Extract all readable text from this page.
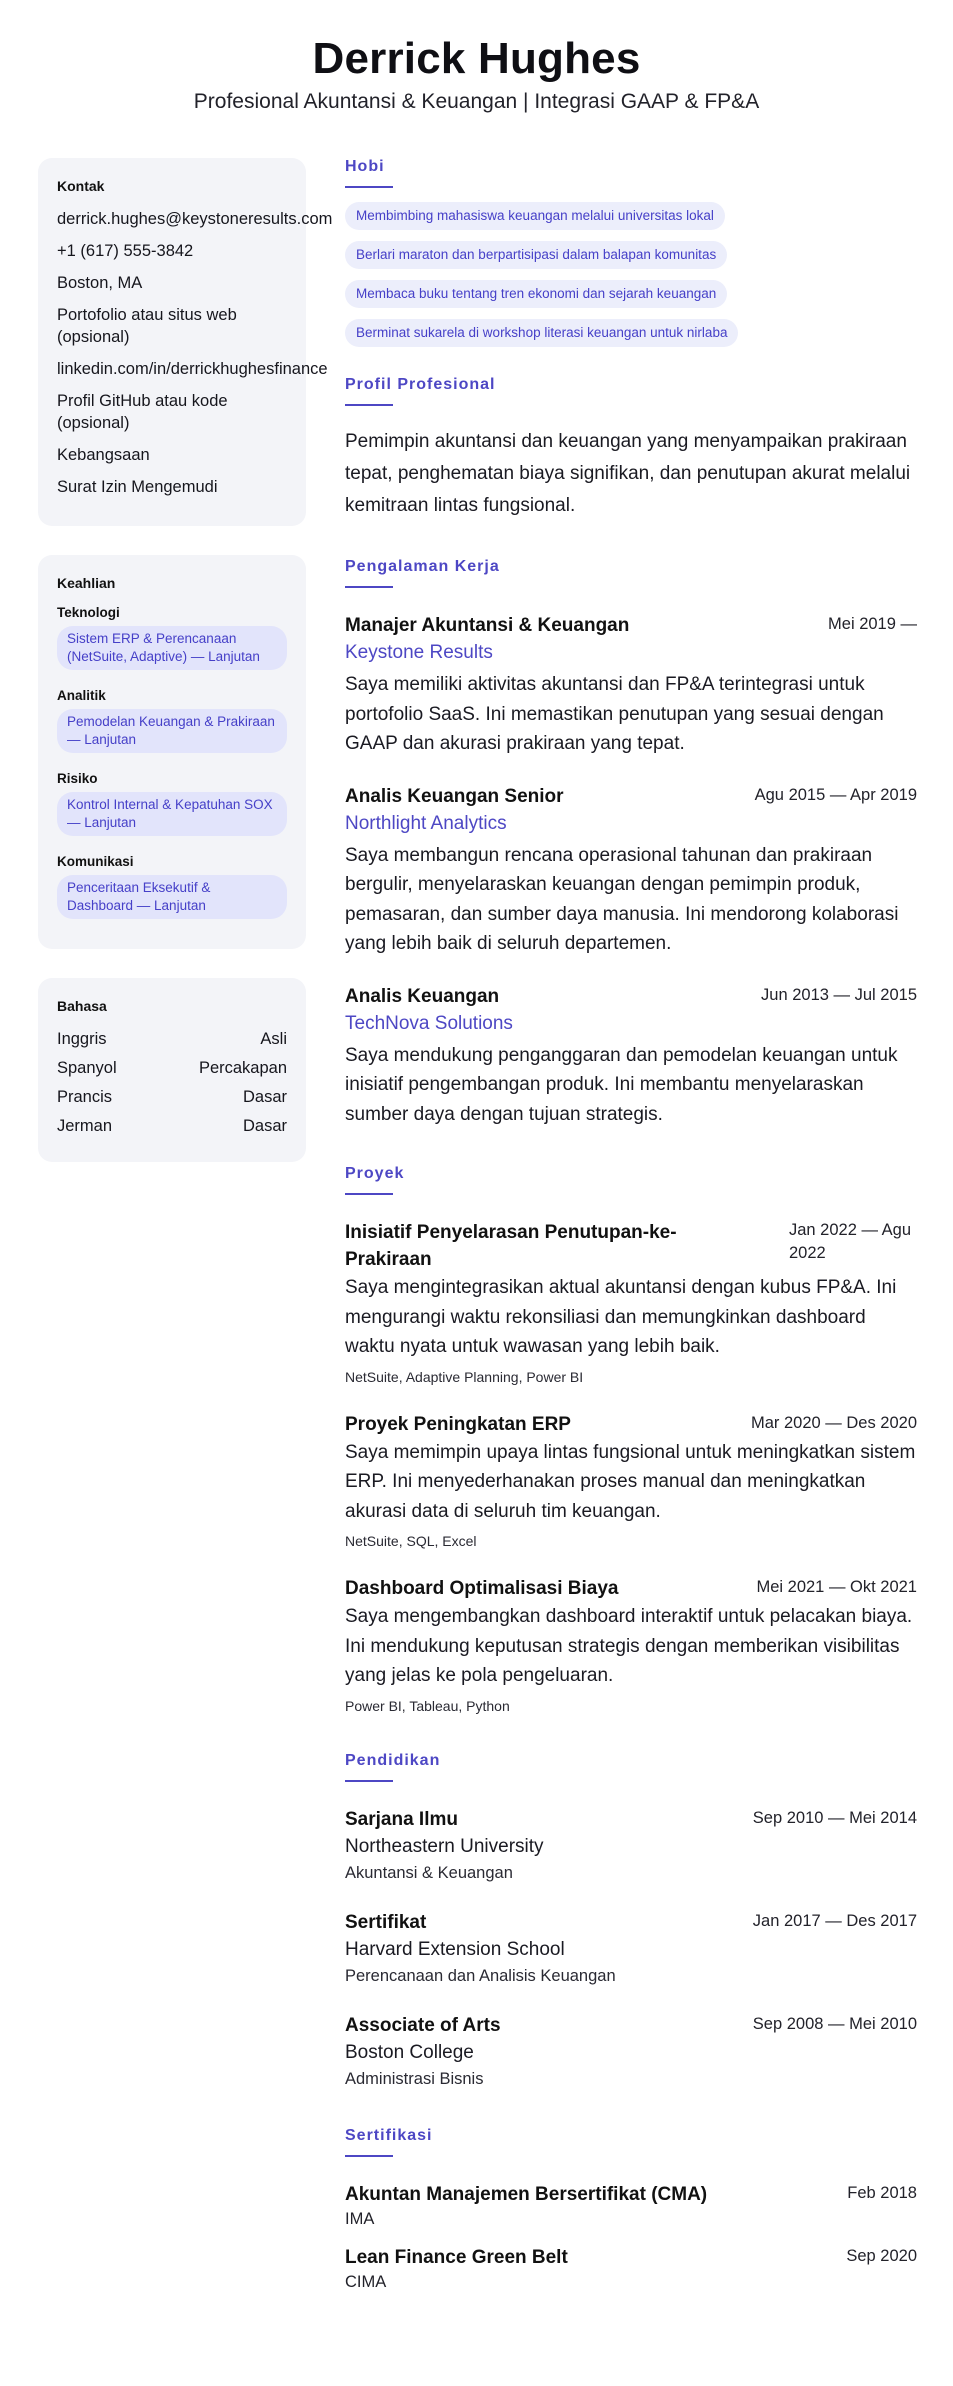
Derrick Hughes
Profesional Akuntansi & Keuangan | Integrasi GAAP & FP&A
Kontak
derrick.hughes@keystoneresults.com
+1 (617) 555-3842
Boston, MA
Portofolio atau situs web (opsional)
linkedin.com/in/derrickhughesfinance
Profil GitHub atau kode (opsional)
Kebangsaan
Surat Izin Mengemudi
Keahlian
Teknologi
Sistem ERP & Perencanaan (NetSuite, Adaptive) — Lanjutan
Analitik
Pemodelan Keuangan & Prakiraan — Lanjutan
Risiko
Kontrol Internal & Kepatuhan SOX — Lanjutan
Komunikasi
Penceritaan Eksekutif & Dashboard — Lanjutan
Bahasa
Inggris	Asli
Spanyol	Percakapan
Prancis	Dasar
Jerman	Dasar
Hobi
Membimbing mahasiswa keuangan melalui universitas lokal
Berlari maraton dan berpartisipasi dalam balapan komunitas
Membaca buku tentang tren ekonomi dan sejarah keuangan
Berminat sukarela di workshop literasi keuangan untuk nirlaba
Profil Profesional
Pemimpin akuntansi dan keuangan yang menyampaikan prakiraan tepat, penghematan biaya signifikan, dan penutupan akurat melalui kemitraan lintas fungsional.
Pengalaman Kerja
Manajer Akuntansi & Keuangan	Mei 2019 —
Keystone Results
Saya memiliki aktivitas akuntansi dan FP&A terintegrasi untuk portofolio SaaS. Ini memastikan penutupan yang sesuai dengan GAAP dan akurasi prakiraan yang tepat.
Analis Keuangan Senior	Agu 2015 — Apr 2019
Northlight Analytics
Saya membangun rencana operasional tahunan dan prakiraan bergulir, menyelaraskan keuangan dengan pemimpin produk, pemasaran, dan sumber daya manusia. Ini mendorong kolaborasi yang lebih baik di seluruh departemen.
Analis Keuangan	Jun 2013 — Jul 2015
TechNova Solutions
Saya mendukung penganggaran dan pemodelan keuangan untuk inisiatif pengembangan produk. Ini membantu menyelaraskan sumber daya dengan tujuan strategis.
Proyek
Inisiatif Penyelarasan Penutupan-ke-Prakiraan
Jan 2022 — Agu 2022
Saya mengintegrasikan aktual akuntansi dengan kubus FP&A. Ini mengurangi waktu rekonsiliasi dan memungkinkan dashboard waktu nyata untuk wawasan yang lebih baik.
NetSuite, Adaptive Planning, Power BI
Proyek Peningkatan ERP	Mar 2020 — Des 2020
Saya memimpin upaya lintas fungsional untuk meningkatkan sistem ERP. Ini menyederhanakan proses manual dan meningkatkan akurasi data di seluruh tim keuangan.
NetSuite, SQL, Excel
Dashboard Optimalisasi Biaya	Mei 2021 — Okt 2021
Saya mengembangkan dashboard interaktif untuk pelacakan biaya. Ini mendukung keputusan strategis dengan memberikan visibilitas yang jelas ke pola pengeluaran.
Power BI, Tableau, Python
Pendidikan
Sarjana Ilmu	Sep 2010 — Mei 2014
Northeastern University
Akuntansi & Keuangan
Sertifikat	Jan 2017 — Des 2017
Harvard Extension School
Perencanaan dan Analisis Keuangan
Associate of Arts	Sep 2008 — Mei 2010
Boston College
Administrasi Bisnis
Sertifikasi
Akuntan Manajemen Bersertifikat (CMA)	Feb 2018
IMA
Lean Finance Green Belt	Sep 2020
CIMA
